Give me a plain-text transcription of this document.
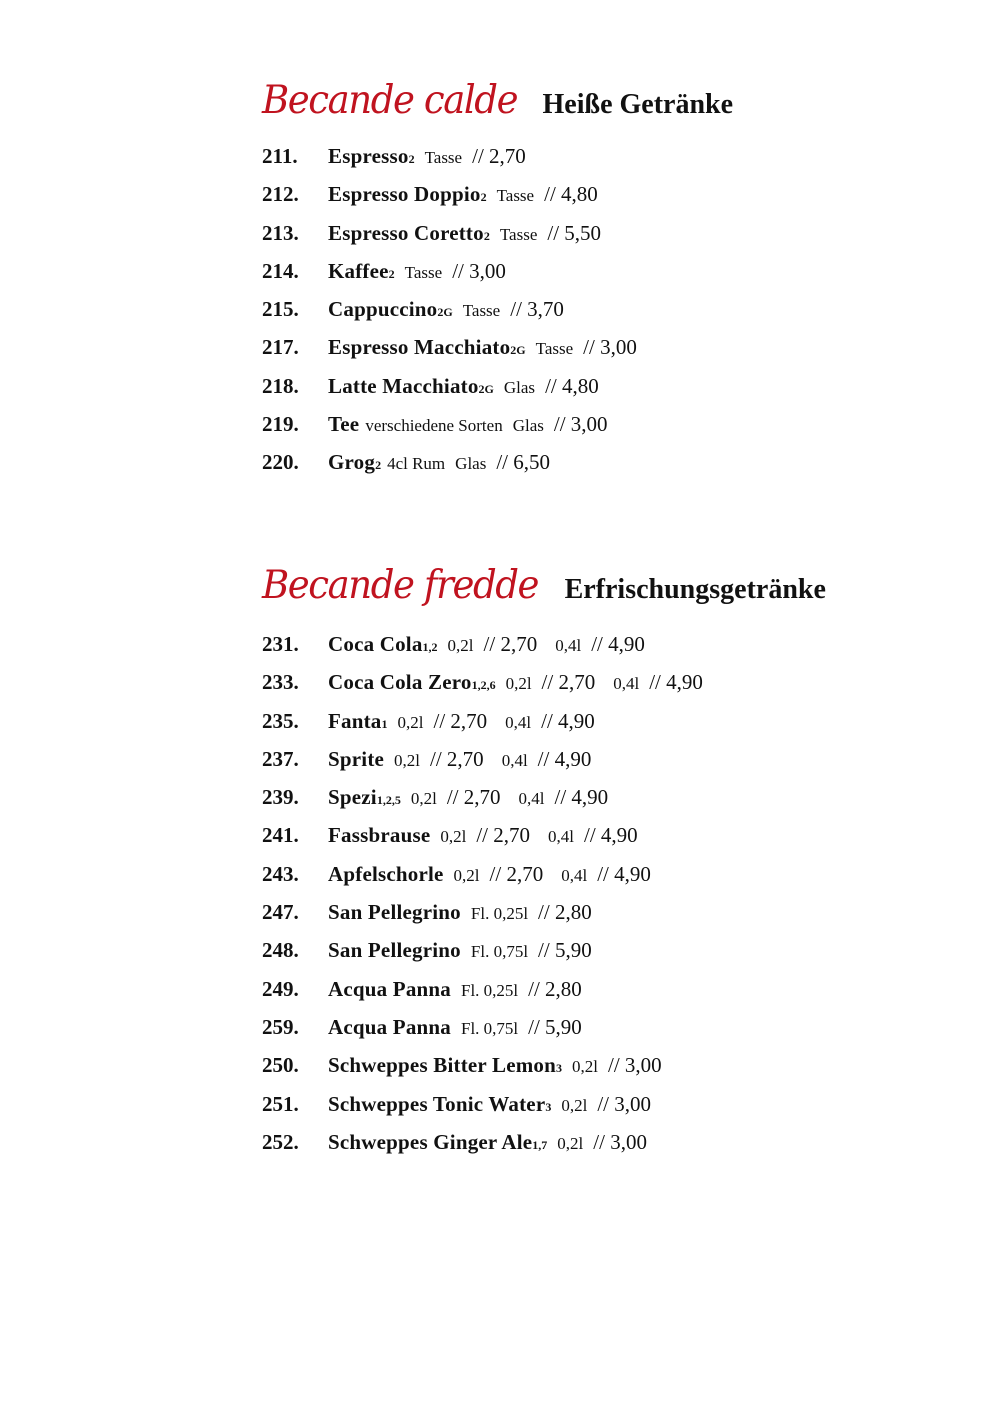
Becande calde Heiße Getränke
211.	Espresso 2 Tasse // 2,70
212.	Espresso Doppio 2 Tasse // 4,80
213.	Espresso Coretto 2 Tasse // 5,50
214.	Kaffee 2 Tasse // 3,00
215.	Cappuccino 2G Tasse // 3,70
217.	Espresso Macchiato 2G Tasse // 3,00
218.	Latte Macchiato 2G Glas // 4,80
219.	Tee verschiedene Sorten Glas // 3,00
220.	Grog 2 4cl Rum Glas // 6,50
Becande fredde Erfrischungsgetränke
231.	Coca Cola 1,2 0,2l // 2,70 0,4l // 4,90
233.	Coca Cola Zero 1,2,6 0,2l // 2,70 0,4l // 4,90
235.	Fanta 1 0,2l // 2,70 0,4l // 4,90
237.	Sprite 0,2l // 2,70 0,4l // 4,90
239.	Spezi 1,2,5 0,2l // 2,70 0,4l // 4,90
241.	Fassbrause 0,2l // 2,70 0,4l // 4,90
243.	Apfelschorle 0,2l // 2,70 0,4l // 4,90
247.	San Pellegrino Fl. 0,25l // 2,80
248.	San Pellegrino Fl. 0,75l // 5,90
249.	Acqua Panna Fl. 0,25l // 2,80
259.	Acqua Panna Fl. 0,75l // 5,90
250.	Schweppes Bitter Lemon 3 0,2l // 3,00
251.	Schweppes Tonic Water 3 0,2l // 3,00
252.	Schweppes Ginger Ale 1,7 0,2l // 3,00
